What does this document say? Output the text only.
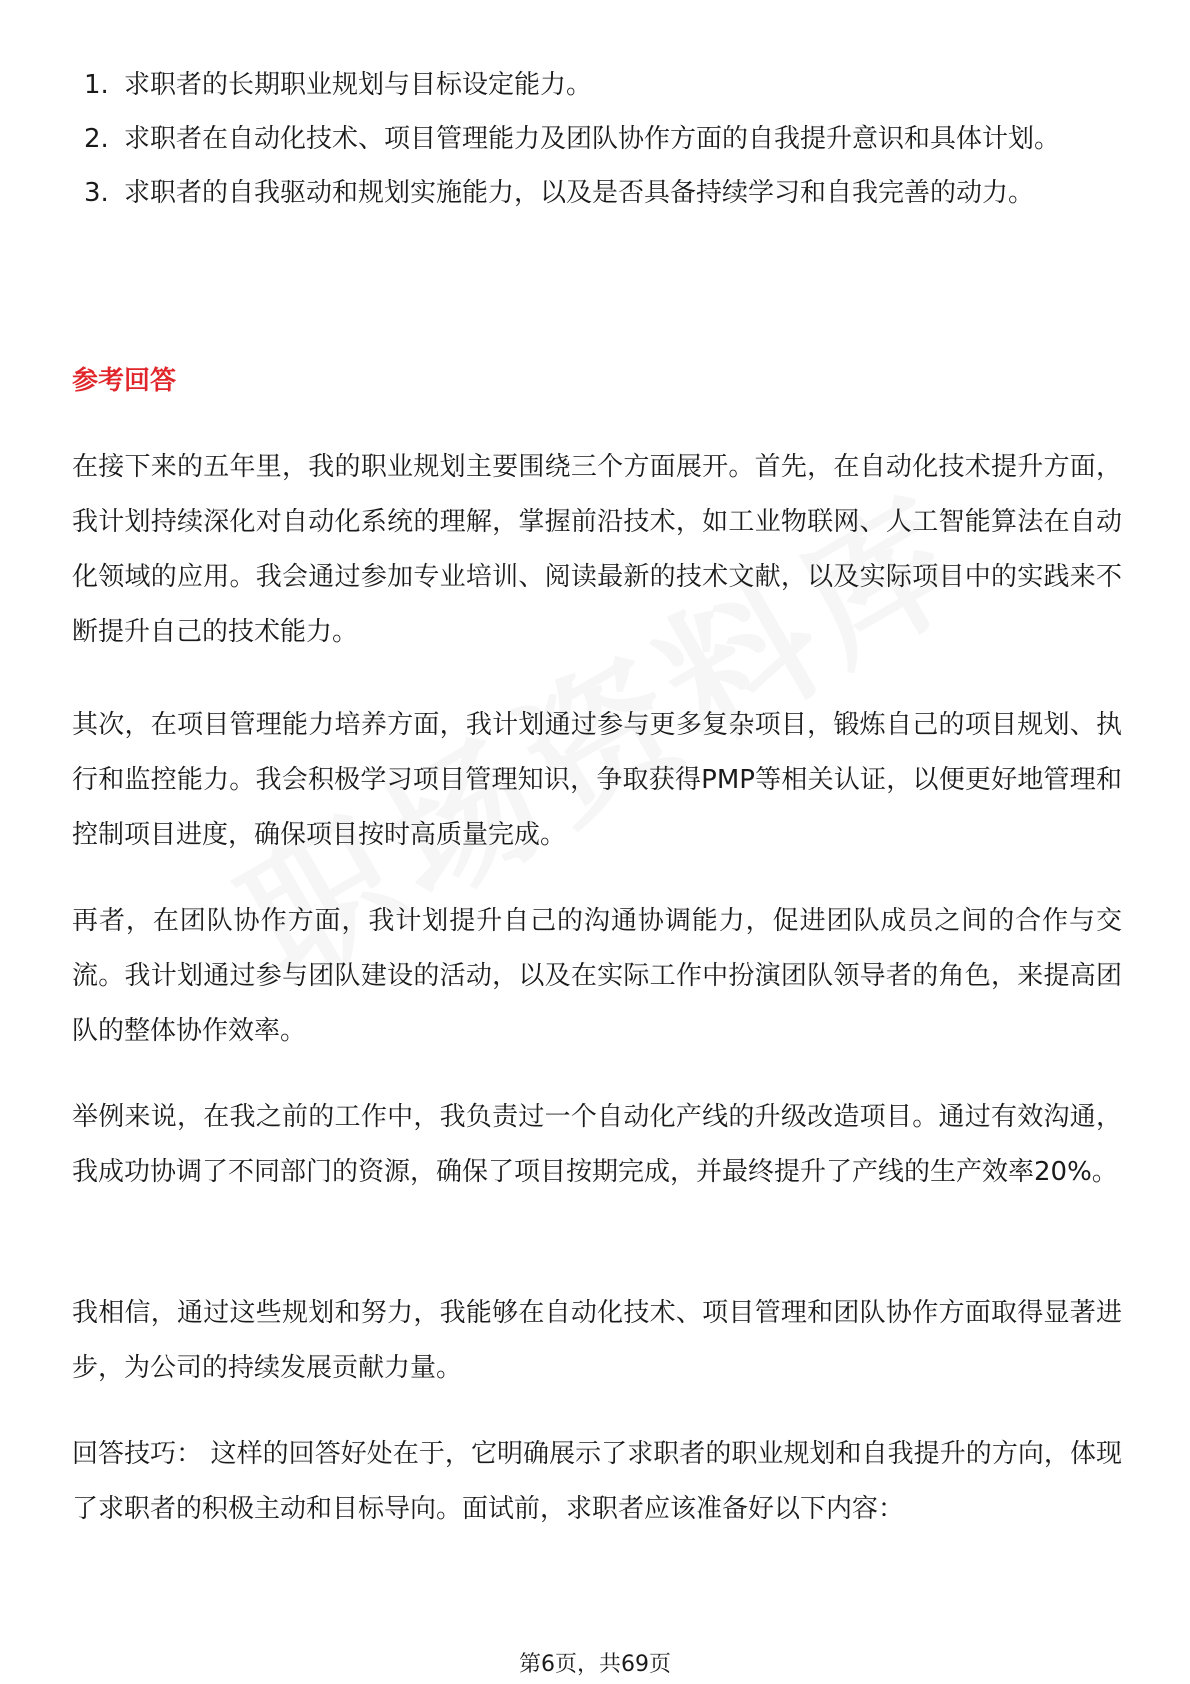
1. 求职者的长期职业规划与目标设定能力。
2. 求职者在自动化技术、项目管理能力及团队协作方面的自我提升意识和具体计划。
3. 求职者的自我驱动和规划实施能力，以及是否具备持续学习和自我完善的动力。
参考回答

在接下来的五年里，我的职业规划主要围绕三个方面展开。首先，在自动化技术提升方面，我计划持续深化对自动化系统的理解，掌握前沿技术，如工业物联网、人工智能算法在自动化领域的应用。我会通过参加专业培训、阅读最新的技术文献，以及实际项目中的实践来不断提升自己的技术能力。

其次，在项目管理能力培养方面，我计划通过参与更多复杂项目，锻炼自己的项目规划、执行和监控能力。我会积极学习项目管理知识，争取获得PMP等相关认证，以便更好地管理和控制项目进度，确保项目按时高质量完成。

再者，在团队协作方面，我计划提升自己的沟通协调能力，促进团队成员之间的合作与交流。我计划通过参与团队建设的活动，以及在实际工作中扮演团队领导者的角色，来提高团队的整体协作效率。

举例来说，在我之前的工作中，我负责过一个自动化产线的升级改造项目。通过有效沟通，我成功协调了不同部门的资源，确保了项目按期完成，并最终提升了产线的生产效率20%。

我相信，通过这些规划和努力，我能够在自动化技术、项目管理和团队协作方面取得显著进步，为公司的持续发展贡献力量。

回答技巧： 这样的回答好处在于，它明确展示了求职者的职业规划和自我提升的方向，体现了求职者的积极主动和目标导向。面试前，求职者应该准备好以下内容：

第6页，共69页
